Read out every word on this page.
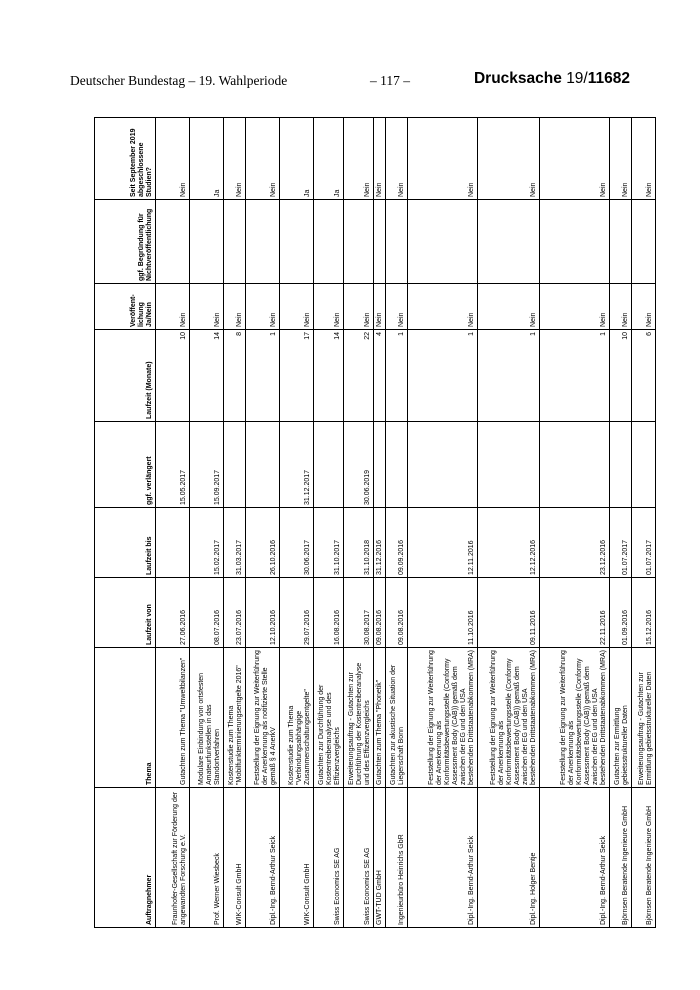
Deutscher Bundestag – 19. Wahlperiode	– 117 –	Drucksache 19/11682
Auftragnehmer	Thema	Laufzeit von	Laufzeit bis	ggf. verlängert	Laufzeit (Monate)	Veröffent-lichung Ja/Nein	ggf. Begründung für Nichtveröffentlichung	Seit September 2019 abgeschlossene Studien?
Fraunhofer-Gesellschaft zur Förderung der angewandten Forschung e.V.	Gutachten zum Thema "Umweltbilanzen"	27.06.2016		15.05.2017	10	Nein		Nein
Prof. Werner Wiesbeck	Modulare Einbindung von ortsfesten Amateurfunkstellen in das Standortverfahren	08.07.2016	15.02.2017	15.09.2017	14	Nein		Ja
WIK-Consult GmbH	Kostenstudie zum Thema "Mobilfunkterminierungsentgelte 2016"	23.07.2016	31.03.2017		8	Nein		Nein
Dipl.-Ing. Bernd-Arthur Seick	Feststellung der Eignung zur Weiterführung der Anerkennung als notifizierte Stelle gemäß § 4 AnerkV	12.10.2016	26.10.2016		1	Nein		Nein
WIK-Consult GmbH	Kostenstudie zum Thema "Verbindungsabhängige Zusammenschaltungsentgelte"	29.07.2016	30.06.2017	31.12.2017	17	Nein		Ja
Swiss Economics SE AG	Gutachten zur Durchführung der Kostentreiberanalyse und des Effizienzvergleichs	16.08.2016	31.10.2017		14	Nein		Ja
Swiss Economics SE AG	Erweiterungsauftrag - Gutachten zur Durchführung der Kostentreiberanalyse und des Effizienzvergleichs	30.08.2017	31.10.2018	30.06.2019	22	Nein		Nein
GWT-TUD GmbH	Gutachten zum Thema "Phonetik"	09.08.2016	31.12.2016		4	Nein		Nein
Ingenieurbüro Heinrichs GbR	Gutachten zur akustische Situation der Liegenschaft Bonn	09.08.2016	09.09.2016		1	Nein		Nein
Dipl.-Ing. Bernd-Arthur Seick	Feststellung der Eignung zur Weiterführung der Anerkennung als Konformitätsbewertungsstelle (Conformy Assessment Body (CAB)) gemäß dem zwischen der EG und den USA bestehenden Drittstaatenabkommen (MRA)	11.10.2016	12.11.2016		1	Nein		Nein
Dipl.-Ing. Holger Bentje	Feststellung der Eignung zur Weiterführung der Anerkennung als Konformitätsbewertungsstelle (Conformy Assessment Body (CAB)) gemäß dem zwischen der EG und den USA bestehenden Drittstaatenabkommen (MRA)	09.11.2016	12.12.2016		1	Nein		Nein
Dipl.-Ing. Bernd-Arthur Seick	Feststellung der Eignung zur Weiterführung der Anerkennung als Konformitätsbewertungsstelle (Conformy Assessment Body (CAB)) gemäß dem zwischen der EG und den USA bestehenden Drittstaatenabkommen (MRA)	22.11.2016	23.12.2016		1	Nein		Nein
Björnsen Beratende Ingenieure GmbH	Gutachten zur Ermittlung gebietsstruktureller Daten	01.09.2016	01.07.2017		10	Nein		Nein
Björnsen Beratende Ingenieure GmbH	Erweiterungsauftrag - Gutachten zur Ermittlung gebietsstruktureller Daten	15.12.2016	01.07.2017		6	Nein		Nein
